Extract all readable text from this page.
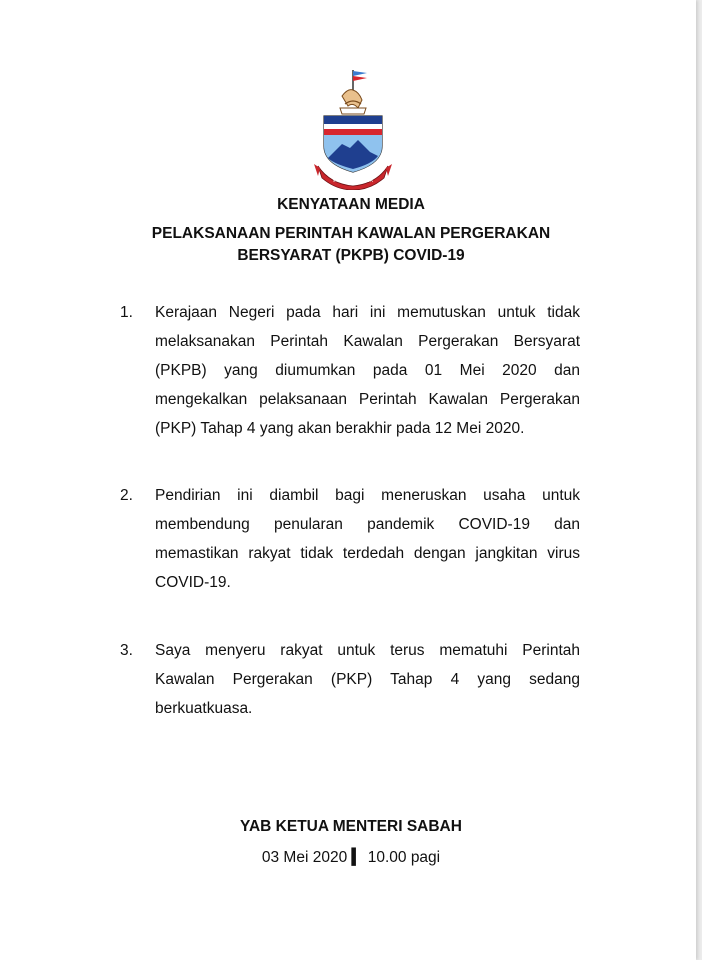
SABAH MAJU JAYA
KENYATAAN MEDIA
PELAKSANAAN PERINTAH KAWALAN PERGERAKAN
BERSYARAT (PKPB) COVID-19
1. Kerajaan Negeri pada hari ini memutuskan untuk tidak melaksanakan Perintah Kawalan Pergerakan Bersyarat (PKPB) yang diumumkan pada 01 Mei 2020 dan mengekalkan pelaksanaan Perintah Kawalan Pergerakan (PKP) Tahap 4 yang akan berakhir pada 12 Mei 2020.
2. Pendirian ini diambil bagi meneruskan usaha untuk membendung penularan pandemik COVID-19 dan memastikan rakyat tidak terdedah dengan jangkitan virus COVID-19.
3. Saya menyeru rakyat untuk terus mematuhi Perintah Kawalan Pergerakan (PKP) Tahap 4 yang sedang berkuatkuasa.

YAB KETUA MENTERI SABAH

03 Mei 2020 ▍ 10.00 pagi
